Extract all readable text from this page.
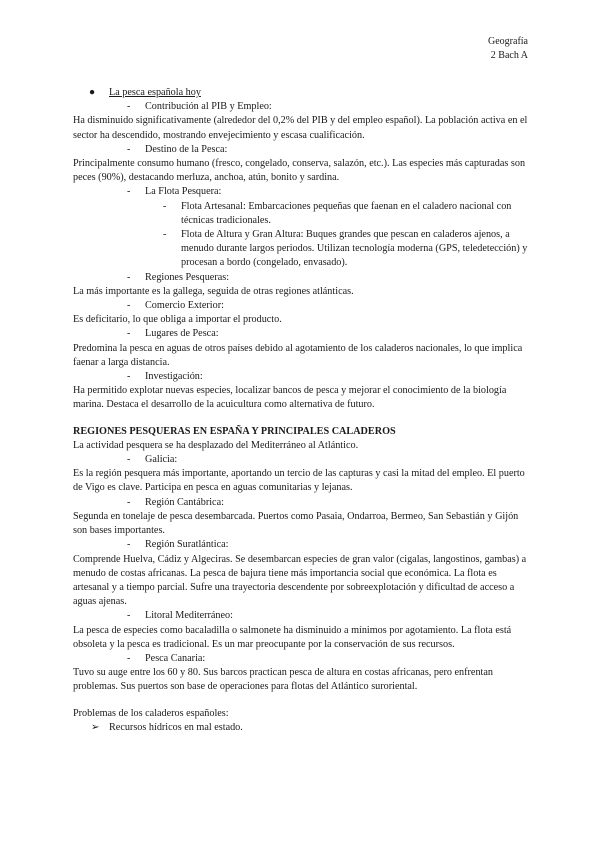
Geografía
2 Bach A
● La pesca española hoy
- Contribución al PIB y Empleo:

Ha disminuido significativamente (alrededor del 0,2% del PIB y del empleo español). La población activa en el sector ha descendido, mostrando envejecimiento y escasa cualificación.

- Destino de la Pesca:

Principalmente consumo humano (fresco, congelado, conserva, salazón, etc.). Las especies más capturadas son peces (90%), destacando merluza, anchoa, atún, bonito y sardina.

- La Flota Pesquera:
- Flota Artesanal: Embarcaciones pequeñas que faenan en el caladero nacional con técnicas tradicionales.
- Flota de Altura y Gran Altura: Buques grandes que pescan en caladeros ajenos, a menudo durante largos periodos. Utilizan tecnología moderna (GPS, teledetección) y procesan a bordo (congelado, envasado).
- Regiones Pesqueras:

La más importante es la gallega, seguida de otras regiones atlánticas.

- Comercio Exterior:

Es deficitario, lo que obliga a importar el producto.

- Lugares de Pesca:

Predomina la pesca en aguas de otros países debido al agotamiento de los caladeros nacionales, lo que implica faenar a larga distancia.

- Investigación:

Ha permitido explotar nuevas especies, localizar bancos de pesca y mejorar el conocimiento de la biología marina. Destaca el desarrollo de la acuicultura como alternativa de futuro.

REGIONES PESQUERAS EN ESPAÑA Y PRINCIPALES CALADEROS

La actividad pesquera se ha desplazado del Mediterráneo al Atlántico.

- Galicia:

Es la región pesquera más importante, aportando un tercio de las capturas y casi la mitad del empleo. El puerto de Vigo es clave. Participa en pesca en aguas comunitarias y lejanas.

- Región Cantábrica:

Segunda en tonelaje de pesca desembarcada. Puertos como Pasaia, Ondarroa, Bermeo, San Sebastián y Gijón son bases importantes.

- Región Suratlántica:

Comprende Huelva, Cádiz y Algeciras. Se desembarcan especies de gran valor (cigalas, langostinos, gambas) a menudo de costas africanas. La pesca de bajura tiene más importancia social que económica. La flota es artesanal y a tiempo parcial. Sufre una trayectoria descendente por sobreexplotación y dificultad de acceso a aguas ajenas.

- Litoral Mediterráneo:

La pesca de especies como bacaladilla o salmonete ha disminuido a mínimos por agotamiento. La flota está obsoleta y la pesca es tradicional. Es un mar preocupante por la conservación de sus recursos.

- Pesca Canaria:

Tuvo su auge entre los 60 y 80. Sus barcos practican pesca de altura en costas africanas, pero enfrentan problemas. Sus puertos son base de operaciones para flotas del Atlántico suroriental.

Problemas de los caladeros españoles:

➢ Recursos hídricos en mal estado.
